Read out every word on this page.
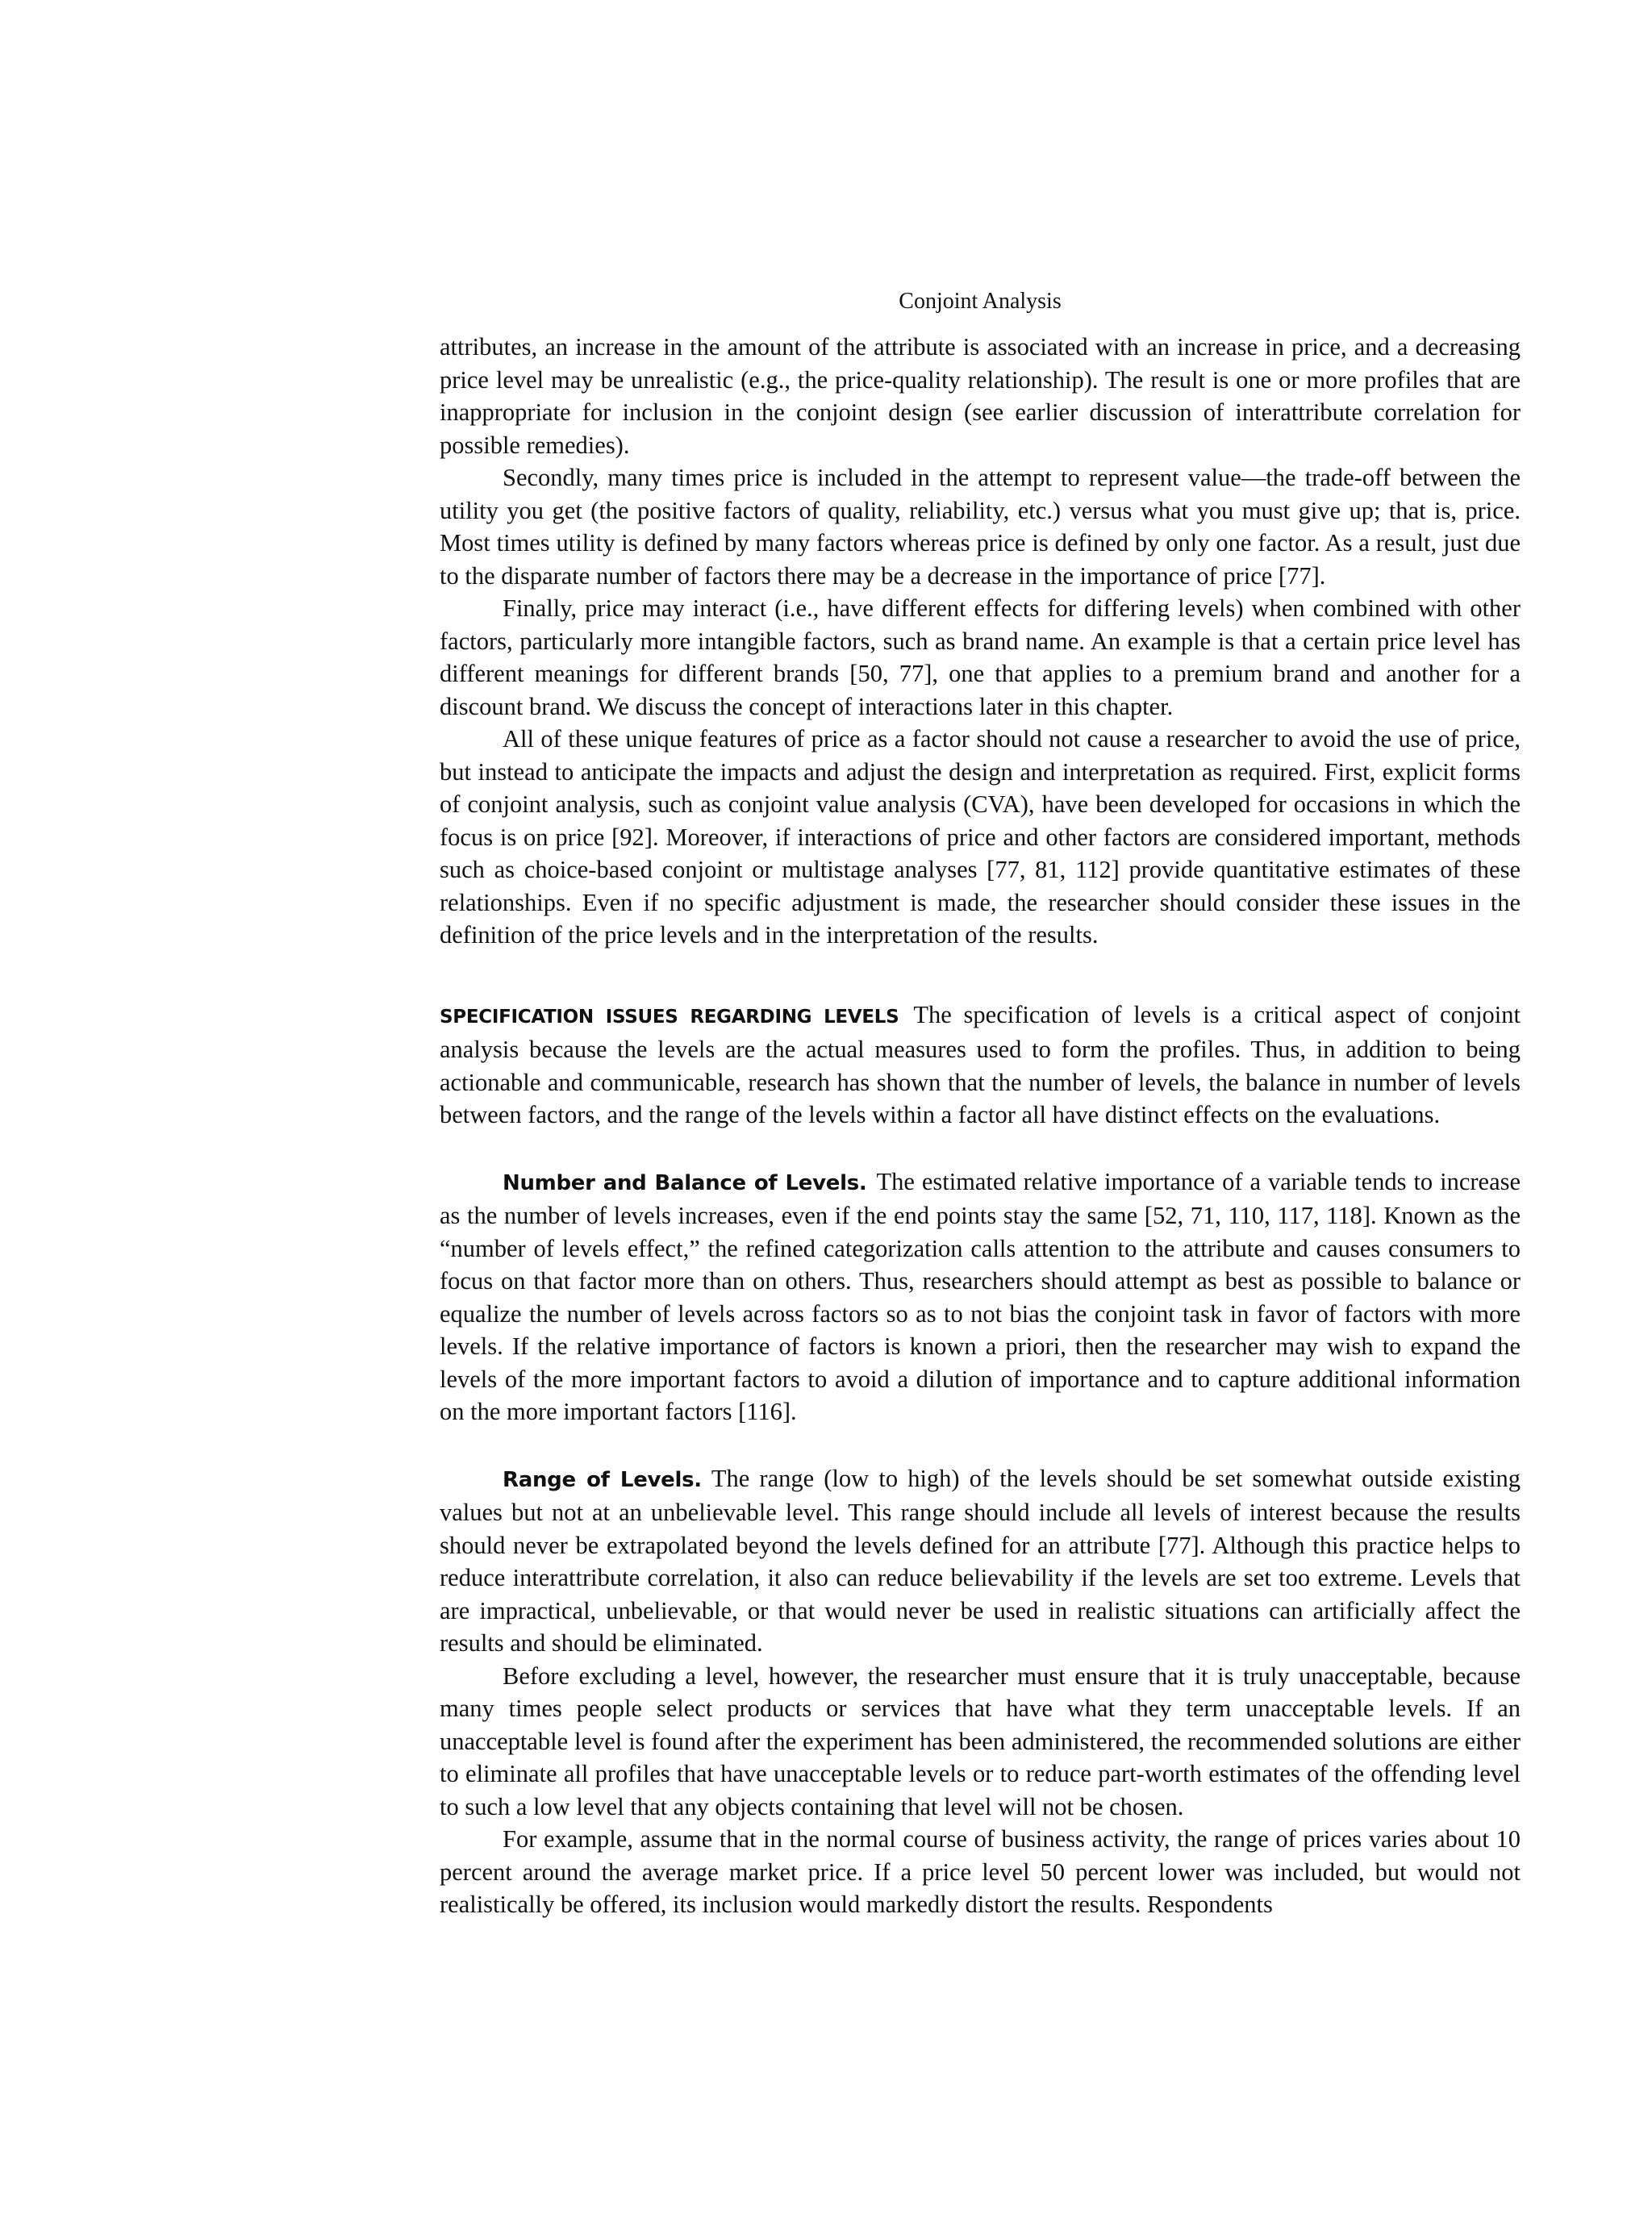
Conjoint Analysis

attributes, an increase in the amount of the attribute is associated with an increase in price, and a decreasing price level may be unrealistic (e.g., the price-quality relationship). The result is one or more profiles that are inappropriate for inclusion in the conjoint design (see earlier discussion of interattribute correlation for possible remedies).

Secondly, many times price is included in the attempt to represent value—the trade-off between the utility you get (the positive factors of quality, reliability, etc.) versus what you must give up; that is, price. Most times utility is defined by many factors whereas price is defined by only one factor. As a result, just due to the disparate number of factors there may be a decrease in the importance of price [77].

Finally, price may interact (i.e., have different effects for differing levels) when combined with other factors, particularly more intangible factors, such as brand name. An example is that a certain price level has different meanings for different brands [50, 77], one that applies to a premium brand and another for a discount brand. We discuss the concept of interactions later in this chapter.

All of these unique features of price as a factor should not cause a researcher to avoid the use of price, but instead to anticipate the impacts and adjust the design and interpretation as required. First, explicit forms of conjoint analysis, such as conjoint value analysis (CVA), have been developed for occasions in which the focus is on price [92]. Moreover, if interactions of price and other factors are considered important, methods such as choice-based conjoint or multistage analyses [77, 81, 112] provide quantitative estimates of these relationships. Even if no specific adjustment is made, the researcher should consider these issues in the definition of the price levels and in the interpretation of the results.

SPECIFICATION ISSUES REGARDING LEVELS The specification of levels is a critical aspect of conjoint analysis because the levels are the actual measures used to form the profiles. Thus, in addition to being actionable and communicable, research has shown that the number of levels, the balance in number of levels between factors, and the range of the levels within a factor all have distinct effects on the evaluations.

Number and Balance of Levels. The estimated relative importance of a variable tends to increase as the number of levels increases, even if the end points stay the same [52, 71, 110, 117, 118]. Known as the “number of levels effect,” the refined categorization calls attention to the attribute and causes consumers to focus on that factor more than on others. Thus, researchers should attempt as best as possible to balance or equalize the number of levels across factors so as to not bias the conjoint task in favor of factors with more levels. If the relative importance of factors is known a priori, then the researcher may wish to expand the levels of the more important factors to avoid a dilution of importance and to capture additional information on the more important factors [116].

Range of Levels. The range (low to high) of the levels should be set somewhat outside existing values but not at an unbelievable level. This range should include all levels of interest because the results should never be extrapolated beyond the levels defined for an attribute [77]. Although this practice helps to reduce interattribute correlation, it also can reduce believability if the levels are set too extreme. Levels that are impractical, unbelievable, or that would never be used in realistic situations can artificially affect the results and should be eliminated.

Before excluding a level, however, the researcher must ensure that it is truly unacceptable, because many times people select products or services that have what they term unacceptable levels. If an unacceptable level is found after the experiment has been administered, the recommended solutions are either to eliminate all profiles that have unacceptable levels or to reduce part-worth estimates of the offending level to such a low level that any objects containing that level will not be chosen.

For example, assume that in the normal course of business activity, the range of prices varies about 10 percent around the average market price. If a price level 50 percent lower was included, but would not realistically be offered, its inclusion would markedly distort the results. Respondents
